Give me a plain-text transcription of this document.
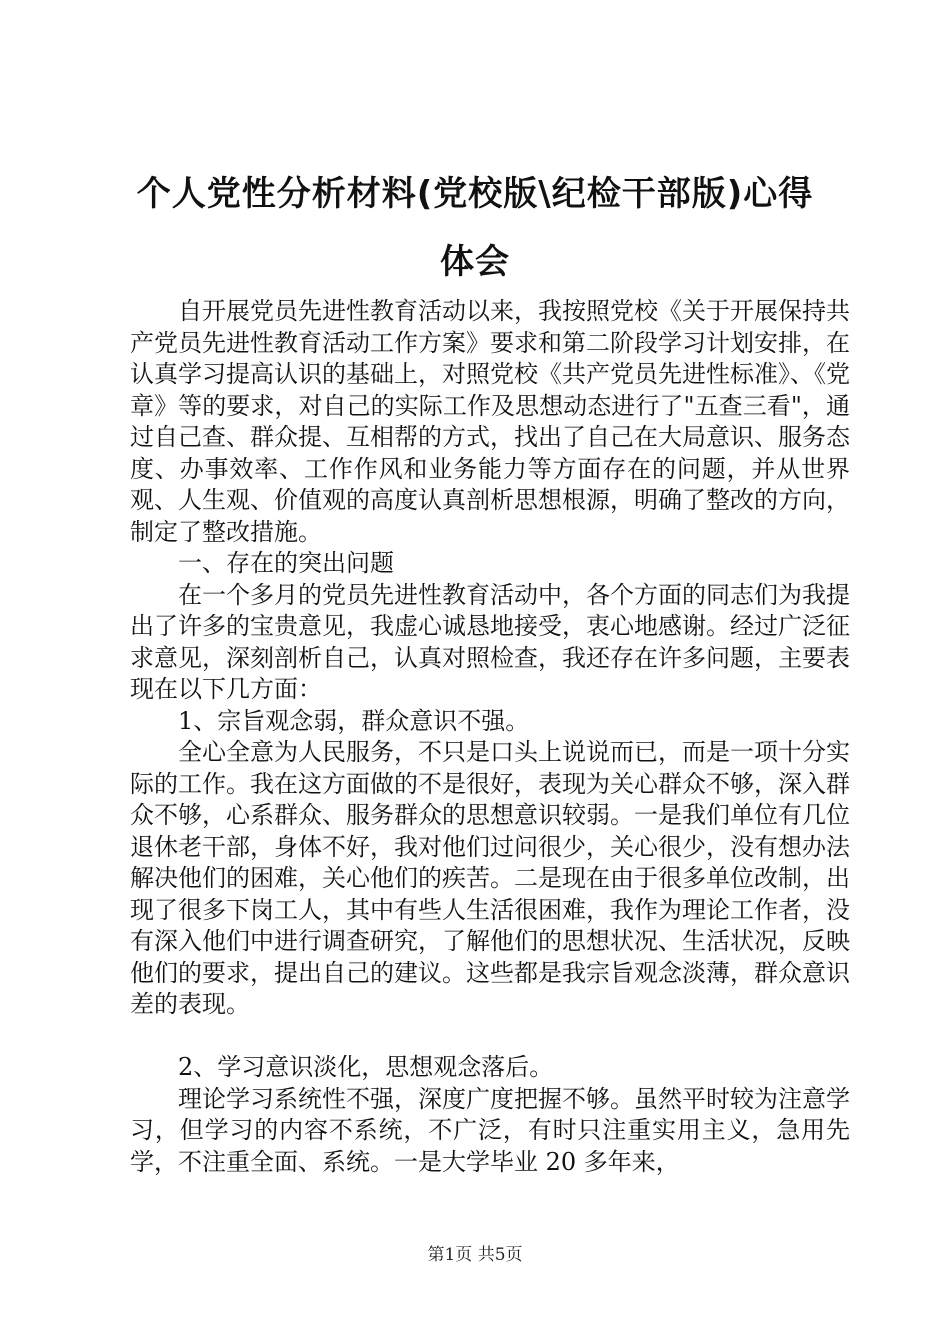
个人党性分析材料(党校版\纪检干部版)心得
体会

自开展党员先进性教育活动以来，我按照党校《关于开展保持共产党员先进性教育活动工作方案》要求和第二阶段学习计划安排，在认真学习提高认识的基础上，对照党校《共产党员先进性标准》、《党章》等的要求，对自己的实际工作及思想动态进行了"五查三看"，通过自己查、群众提、互相帮的方式，找出了自己在大局意识、服务态度、办事效率、工作作风和业务能力等方面存在的问题，并从世界观、人生观、价值观的高度认真剖析思想根源，明确了整改的方向，制定了整改措施。

一、存在的突出问题

在一个多月的党员先进性教育活动中，各个方面的同志们为我提出了许多的宝贵意见，我虚心诚恳地接受，衷心地感谢。经过广泛征求意见，深刻剖析自己，认真对照检查，我还存在许多问题，主要表现在以下几方面：

1、宗旨观念弱，群众意识不强。

全心全意为人民服务，不只是口头上说说而已，而是一项十分实际的工作。我在这方面做的不是很好，表现为关心群众不够，深入群众不够，心系群众、服务群众的思想意识较弱。一是我们单位有几位退休老干部，身体不好，我对他们过问很少，关心很少，没有想办法解决他们的困难，关心他们的疾苦。二是现在由于很多单位改制，出现了很多下岗工人，其中有些人生活很困难，我作为理论工作者，没有深入他们中进行调查研究，了解他们的思想状况、生活状况，反映他们的要求，提出自己的建议。这些都是我宗旨观念淡薄，群众意识差的表现。

2、学习意识淡化，思想观念落后。

理论学习系统性不强，深度广度把握不够。虽然平时较为注意学习，但学习的内容不系统，不广泛，有时只注重实用主义，急用先学，不注重全面、系统。一是大学毕业 20 多年来，

第1页 共5页
